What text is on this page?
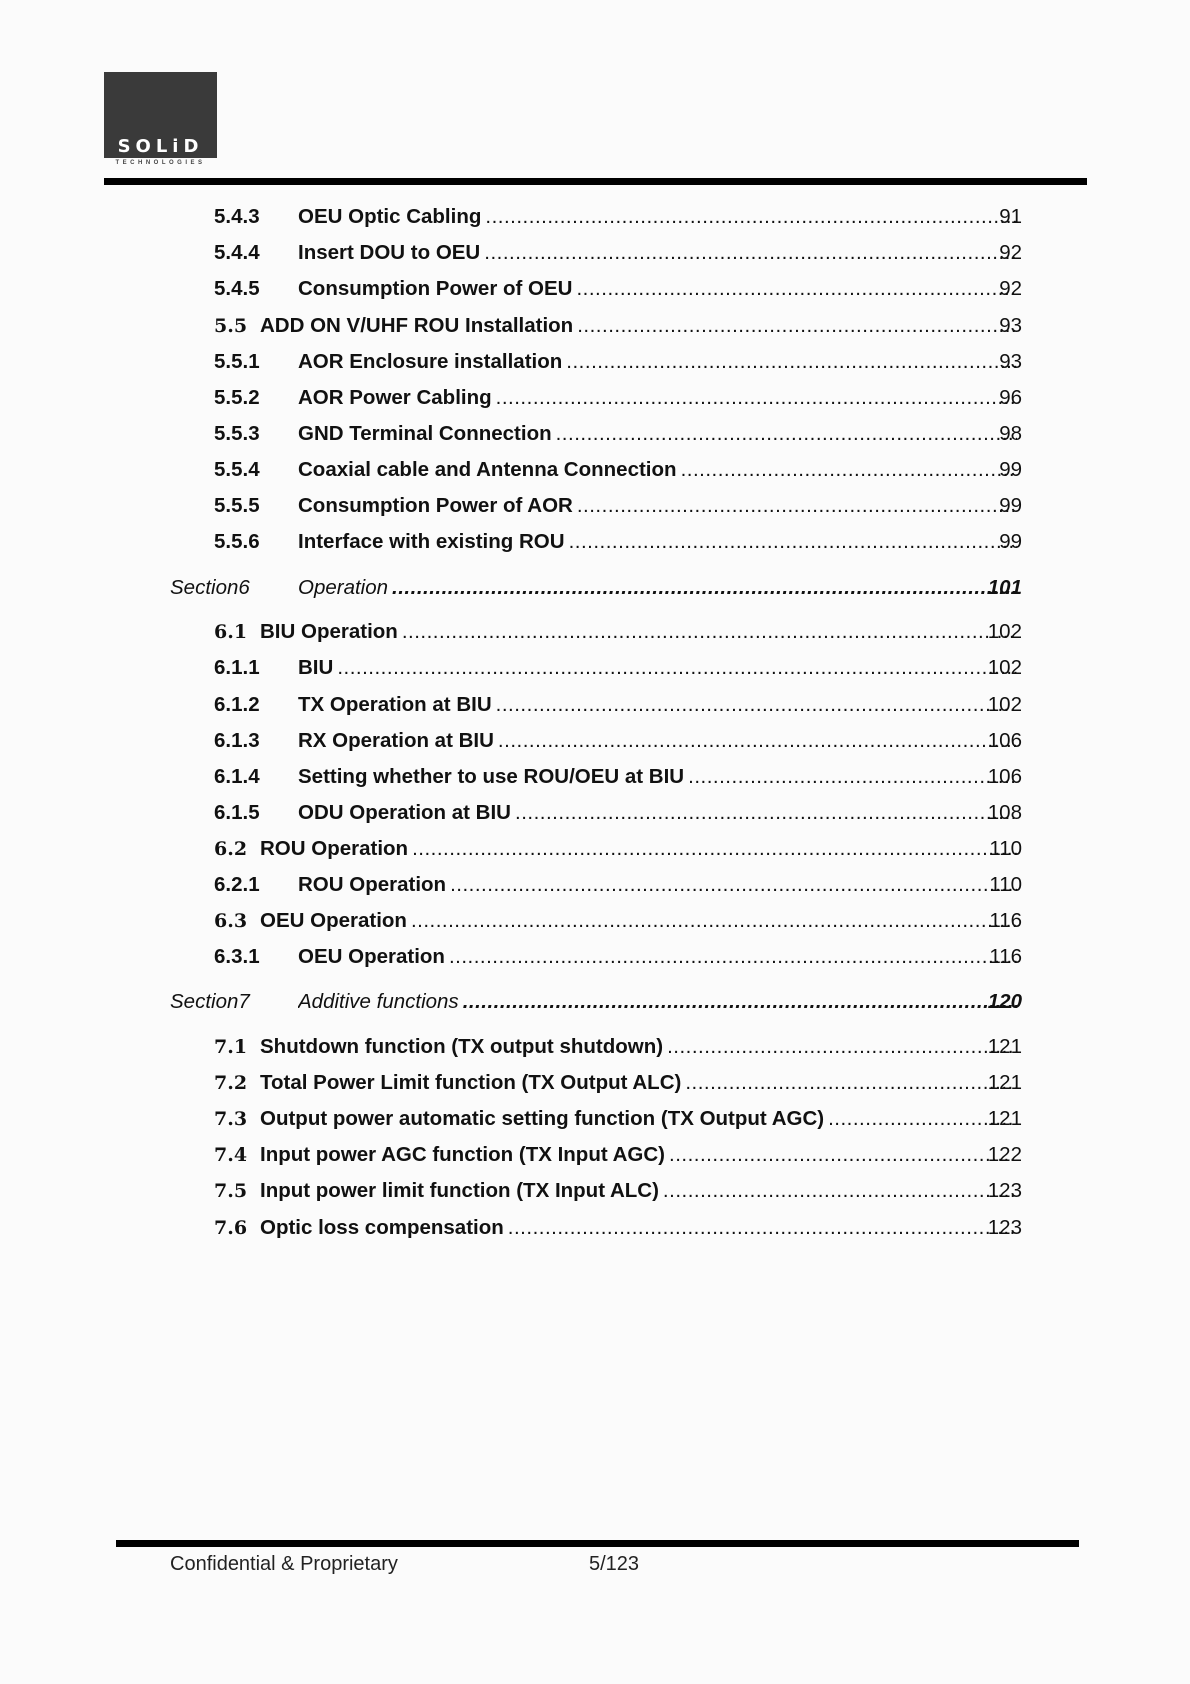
SOLiD
TECHNOLOGIES
5.4.3 OEU Optic Cabling .....	91
5.4.4 Insert DOU to OEU .....	92
5.4.5 Consumption Power of OEU .....	92
5.5 ADD ON V/UHF ROU Installation .....	93
5.5.1 AOR Enclosure installation .....	93
5.5.2 AOR Power Cabling .....	96
5.5.3 GND Terminal Connection .....	98
5.5.4 Coaxial cable and Antenna Connection .....	99
5.5.5 Consumption Power of AOR .....	99
5.5.6 Interface with existing ROU .....	99
Section6 Operation .....	101
6.1 BIU Operation .....	102
6.1.1 BIU .....	102
6.1.2 TX Operation at BIU .....	102
6.1.3 RX Operation at BIU .....	106
6.1.4 Setting whether to use ROU/OEU at BIU .....	106
6.1.5 ODU Operation at BIU .....	108
6.2 ROU Operation .....	110
6.2.1 ROU Operation .....	110
6.3 OEU Operation .....	116
6.3.1 OEU Operation .....	116
Section7 Additive functions .....	120
7.1 Shutdown function (TX output shutdown) .....	121
7.2 Total Power Limit function (TX Output ALC) .....	121
7.3 Output power automatic setting function (TX Output AGC) .....	121
7.4 Input power AGC function (TX Input AGC) .....	122
7.5 Input power limit function (TX Input ALC) .....	123
7.6 Optic loss compensation .....	123
Confidential & Proprietary	5/123
